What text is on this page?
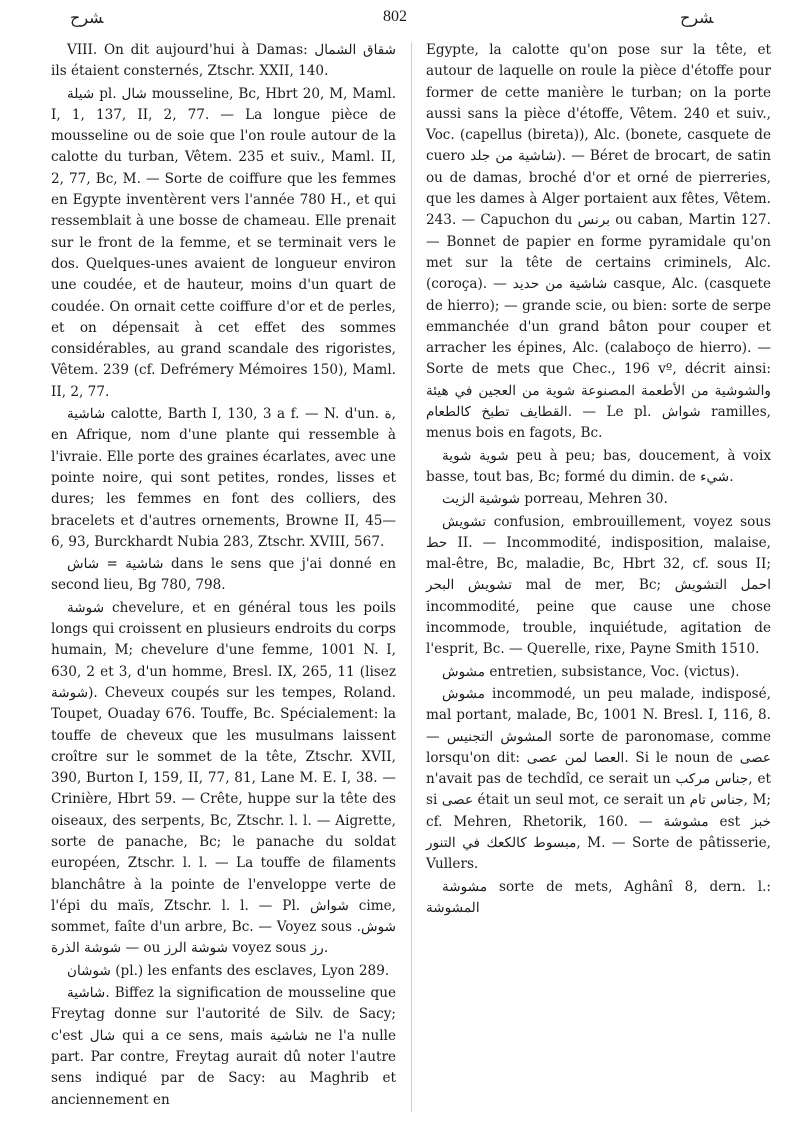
ﺸﺮﺡ	802	ﺸﺮﺡ

VIII. On dit aujourd'hui à Damas: ﺷﻘﺎﻕ ﺍﻟﺸﻤﺎﻝ ils étaient consternés, Ztschr. XXII, 140.

ﺷﻴﻠﺔ pl. ﺷﺎﻝ mousseline, Bc, Hbrt 20, M, Maml. I, 1, 137, II, 2, 77. — La longue pièce de mousseline ou de soie que l'on roule autour de la calotte du turban, Vêtem. 235 et suiv., Maml. II, 2, 77, Bc, M. — Sorte de coiffure que les femmes en Egypte inventèrent vers l'année 780 H., et qui ressemblait à une bosse de chameau. Elle prenait sur le front de la femme, et se terminait vers le dos. Quelques-unes avaient de longueur environ une coudée, et de hauteur, moins d'un quart de coudée. On ornait cette coiffure d'or et de perles, et on dépensait à cet effet des sommes considérables, au grand scandale des rigoristes, Vêtem. 239 (cf. Defrémery Mémoires 150), Maml. II, 2, 77.

ﺷﺎﺷﻴﺔ calotte, Barth I, 130, 3 a f. — N. d'un. ﺓ, en Afrique, nom d'une plante qui ressemble à l'ivraie. Elle porte des graines écarlates, avec une pointe noire, qui sont petites, rondes, lisses et dures; les femmes en font des colliers, des bracelets et d'autres ornements, Browne II, 45—6, 93, Burckhardt Nubia 283, Ztschr. XVIII, 567.

ﺷﺎﺷﻴﺔ = ﺷﺎﺵ dans le sens que j'ai donné en second lieu, Bg 780, 798.

ﺷﻮﺷﺔ chevelure, et en général tous les poils longs qui croissent en plusieurs endroits du corps humain, M; chevelure d'une femme, 1001 N. I, 630, 2 et 3, d'un homme, Bresl. IX, 265, 11 (lisez ﺷﻮﺷﺔ). Cheveux coupés sur les tempes, Roland. Toupet, Ouaday 676. Touffe, Bc. Spécialement: la touffe de cheveux que les musulmans laissent croître sur le sommet de la tête, Ztschr. XVII, 390, Burton I, 159, II, 77, 81, Lane M. E. I, 38. — Crinière, Hbrt 59. — Crête, huppe sur la tête des oiseaux, des serpents, Bc, Ztschr. l. l. — Aigrette, sorte de panache, Bc; le panache du soldat européen, Ztschr. l. l. — La touffe de filaments blanchâtre à la pointe de l'enveloppe verte de l'épi du maïs, Ztschr. l. l. — Pl. ﺷﻮﺍﺵ cime, sommet, faîte d'un arbre, Bc. — Voyez sous ﺷﻮﺵ. — ﺷﻮﺷﺔ ﺍﻟﺬﺭﺓ ou ﺷﻮﺷﺔ ﺍﻟﺮﺯ voyez sous ﺭﺯ.

ﺷﻮﺷﺎﻥ (pl.) les enfants des esclaves, Lyon 289.

ﺷﺎﺷﻴﺔ. Biffez la signification de mousseline que Freytag donne sur l'autorité de Silv. de Sacy; c'est ﺷﺎﻝ qui a ce sens, mais ﺷﺎﺷﻴﺔ ne l'a nulle part. Par contre, Freytag aurait dû noter l'autre sens indiqué par de Sacy: au Maghrib et anciennement en

Egypte, la calotte qu'on pose sur la tête, et autour de laquelle on roule la pièce d'étoffe pour former de cette manière le turban; on la porte aussi sans la pièce d'étoffe, Vêtem. 240 et suiv., Voc. (capellus (bireta)), Alc. (bonete, casquete de cuero ﺷﺎﺷﻴﺔ ﻣﻦ ﺟﻠﺪ). — Béret de brocart, de satin ou de damas, broché d'or et orné de pierreries, que les dames à Alger portaient aux fêtes, Vêtem. 243. — Capuchon du ﺑﺮﻧﺲ ou caban, Martin 127. — Bonnet de papier en forme pyramidale qu'on met sur la tête de certains criminels, Alc. (coroça). — ﺷﺎﺷﻴﺔ ﻣﻦ ﺣﺪﻳﺪ casque, Alc. (casquete de hierro); — grande scie, ou bien: sorte de serpe emmanchée d'un grand bâton pour couper et arracher les épines, Alc. (calaboço de hierro). — Sorte de mets que Chec., 196 vº, décrit ainsi: ﻭﺍﻟﺸﻮﺷﻴﺔ ﻣﻦ ﺍﻷﻃﻌﻤﺔ ﺍﻟﻤﺼﻨﻮﻋﺔ ﺷﻮﻳﺔ ﻣﻦ ﺍﻟﻌﺠﻴﻦ ﻓﻲ ﻫﻴﺌﺔ ﺍﻟﻘﻄﺎﻳﻒ ﺗﻄﺒﺦ ﻛﺎﻟﻄﻌﺎﻡ. — Le pl. ﺷﻮﺍﺵ ramilles, menus bois en fagots, Bc.

ﺷﻮﻳﺔ ﺷﻮﻳﺔ peu à peu; bas, doucement, à voix basse, tout bas, Bc; formé du dimin. de ﺷﻲﺀ.

ﺷﻮﺷﻴﺔ ﺍﻟﺰﻳﺖ porreau, Mehren 30.

ﺗﺸﻮﻳﺶ confusion, embrouillement, voyez sous ﺣﻂ II. — Incommodité, indisposition, malaise, mal-être, Bc, maladie, Bc, Hbrt 32, cf. sous II; ﺗﺸﻮﻳﺶ ﺍﻟﺒﺤﺮ mal de mer, Bc; ﺍﺣﻤﻞ ﺍﻟﺘﺸﻮﻳﺶ incommodité, peine que cause une chose incommode, trouble, inquiétude, agitation de l'esprit, Bc. — Querelle, rixe, Payne Smith 1510.

ﻣﺸﻮﺵ entretien, subsistance, Voc. (victus).

ﻣﺸﻮﺵ incommodé, un peu malade, indisposé, mal portant, malade, Bc, 1001 N. Bresl. I, 116, 8. — ﺍﻟﻤﺸﻮﺵ ﺍﻟﺘﺠﻨﻴﺲ sorte de paronomase, comme lorsqu'on dit: ﺍﻟﻌﺼﺎ ﻟﻤﻦ ﻋﺼﻰ. Si le noun de ﻋﺼﻰ n'avait pas de techdîd, ce serait un ﺟﻨﺎﺱ ﻣﺮﻛﺐ, et si ﻋﺼﻰ était un seul mot, ce serait un ﺟﻨﺎﺱ ﺗﺎﻡ, M; cf. Mehren, Rhetorik, 160. — ﻣﺸﻮﺷﺔ est ﺧﺒﺰ ﻣﺒﺴﻮﻁ ﻛﺎﻟﻜﻌﻚ ﻓﻲ ﺍﻟﺘﻨﻮﺭ, M. — Sorte de pâtisserie, Vullers.

ﻣﺸﻮﺷﺔ sorte de mets, Aghânî 8, dern. l.: ﺍﻟﻤﺸﻮﺷﺔ
